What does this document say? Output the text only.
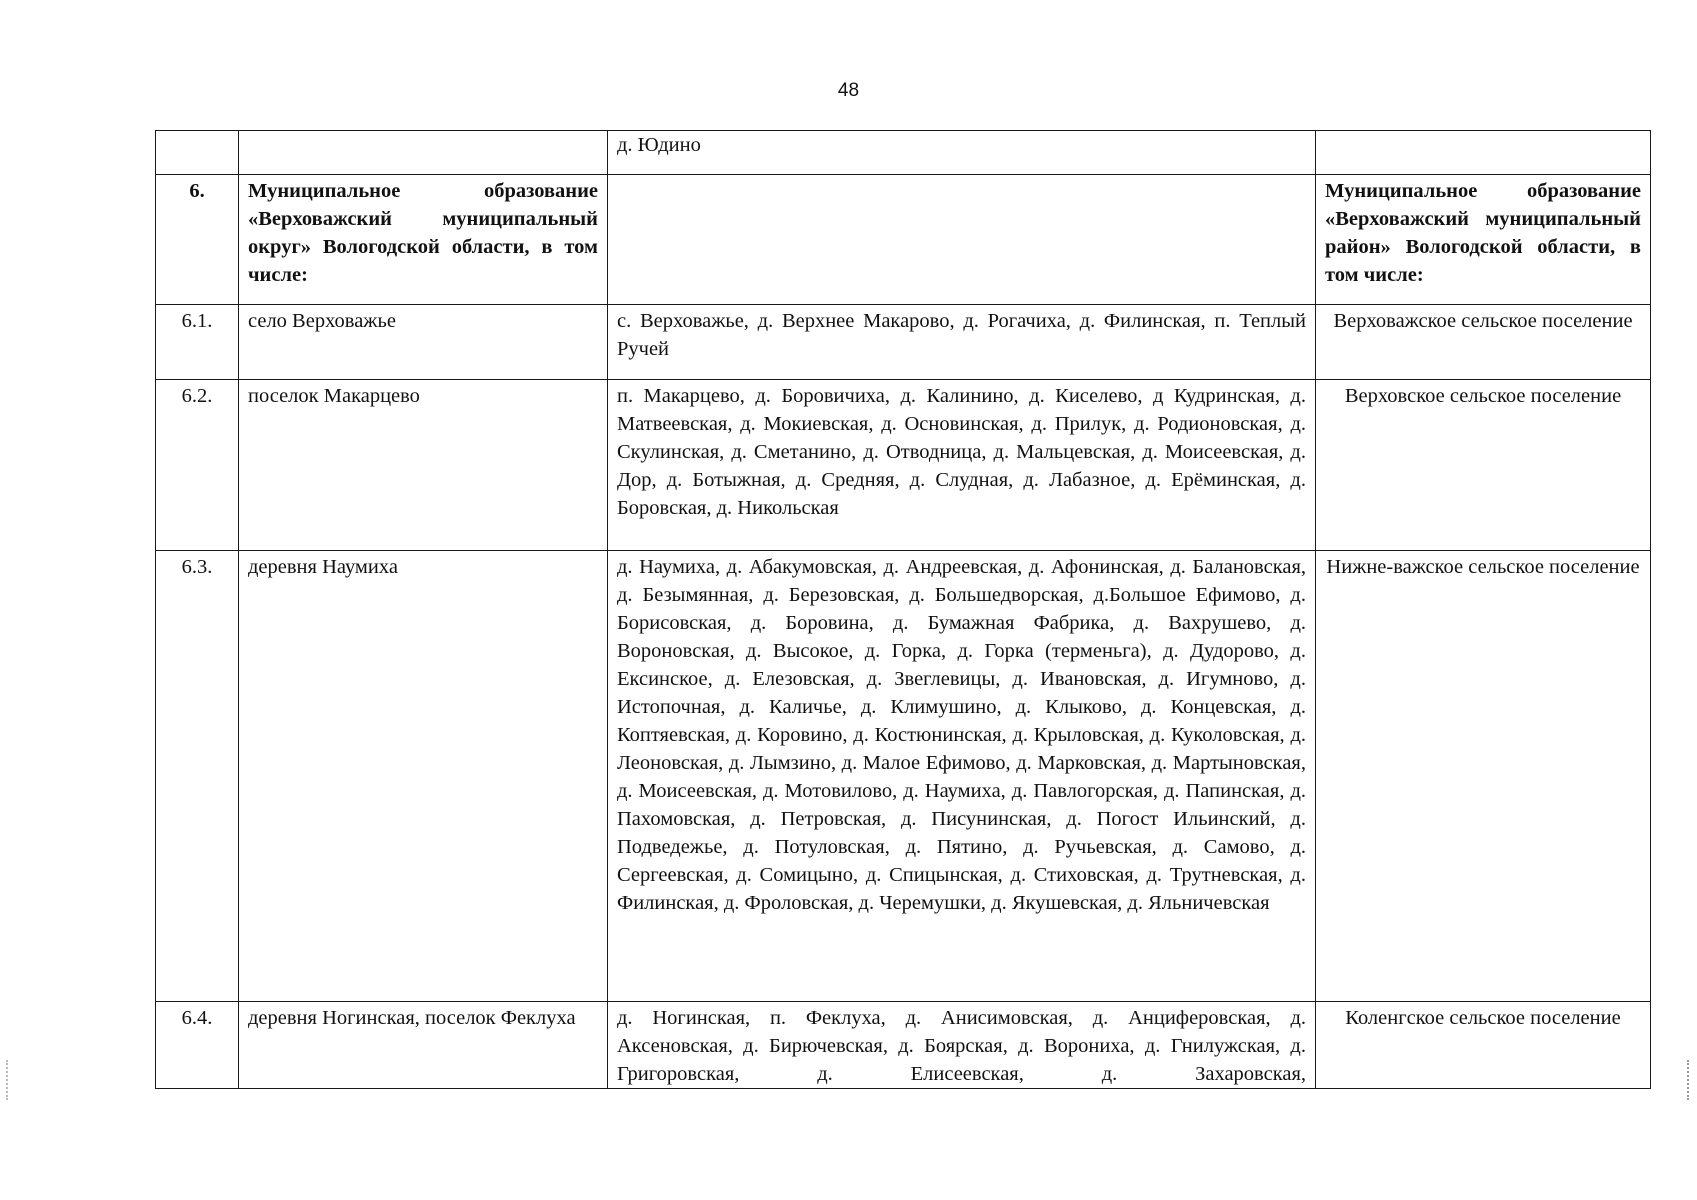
48
		д. Юдино	
6.	Муниципальное образование «Верховажский муниципальный округ» Вологодской области, в том числе:		Муниципальное образование «Верховажский муниципальный район» Вологодской области, в том числе:
6.1.	село Верховажье	с. Верховажье, д. Верхнее Макарово, д. Рогачиха, д. Филинская, п. Теплый Ручей	Верховажское сельское поселение
6.2.	поселок Макарцево	п. Макарцево, д. Боровичиха, д. Калинино, д. Киселево, д Кудринская, д. Матвеевская, д. Мокиевская, д. Основинская, д. Прилук, д. Родионовская, д. Скулинская, д. Сметанино, д. Отводница, д. Мальцевская, д. Моисеевская, д. Дор, д. Ботыжная, д. Средняя, д. Слудная, д. Лабазное, д. Ерёминская, д. Боровская, д. Никольская	Верховское сельское поселение
6.3.	деревня Наумиха	д. Наумиха, д. Абакумовская, д. Андреевская, д. Афонинская, д. Балановская, д. Безымянная, д. Березовская, д. Большедворская, д.Большое Ефимово, д. Борисовская, д. Боровина, д. Бумажная Фабрика, д. Вахрушево, д. Вороновская, д. Высокое, д. Горка, д. Горка (терменьга), д. Дудорово, д. Ексинское, д. Елезовская, д. Звеглевицы, д. Ивановская, д. Игумново, д. Истопочная, д. Каличье, д. Климушино, д. Клыково, д. Концевская, д. Коптяевская, д. Коровино, д. Костюнинская, д. Крыловская, д. Куколовская, д. Леоновская, д. Лымзино, д. Малое Ефимово, д. Марковская, д. Мартыновская, д. Моисеевская, д. Мотовилово, д. Наумиха, д. Павлогорская, д. Папинская, д. Пахомовская, д. Петровская, д. Писунинская, д. Погост Ильинский, д. Подведежье, д. Потуловская, д. Пятино, д. Ручьевская, д. Самово, д. Сергеевская, д. Сомицыно, д. Спицынская, д. Стиховская, д. Трутневская, д. Филинская, д. Фроловская, д. Черемушки, д. Якушевская, д. Яльничевская	Нижне-важское сельское поселение
6.4.	деревня Ногинская, поселок Феклуха	д. Ногинская, п. Феклуха, д. Анисимовская, д. Анциферовская, д. Аксеновская, д. Бирючевская, д. Боярская, д. Ворониха, д. Гнилужская, д. Григоровская, д. Елисеевская, д. Захаровская,	Коленгское сельское поселение
